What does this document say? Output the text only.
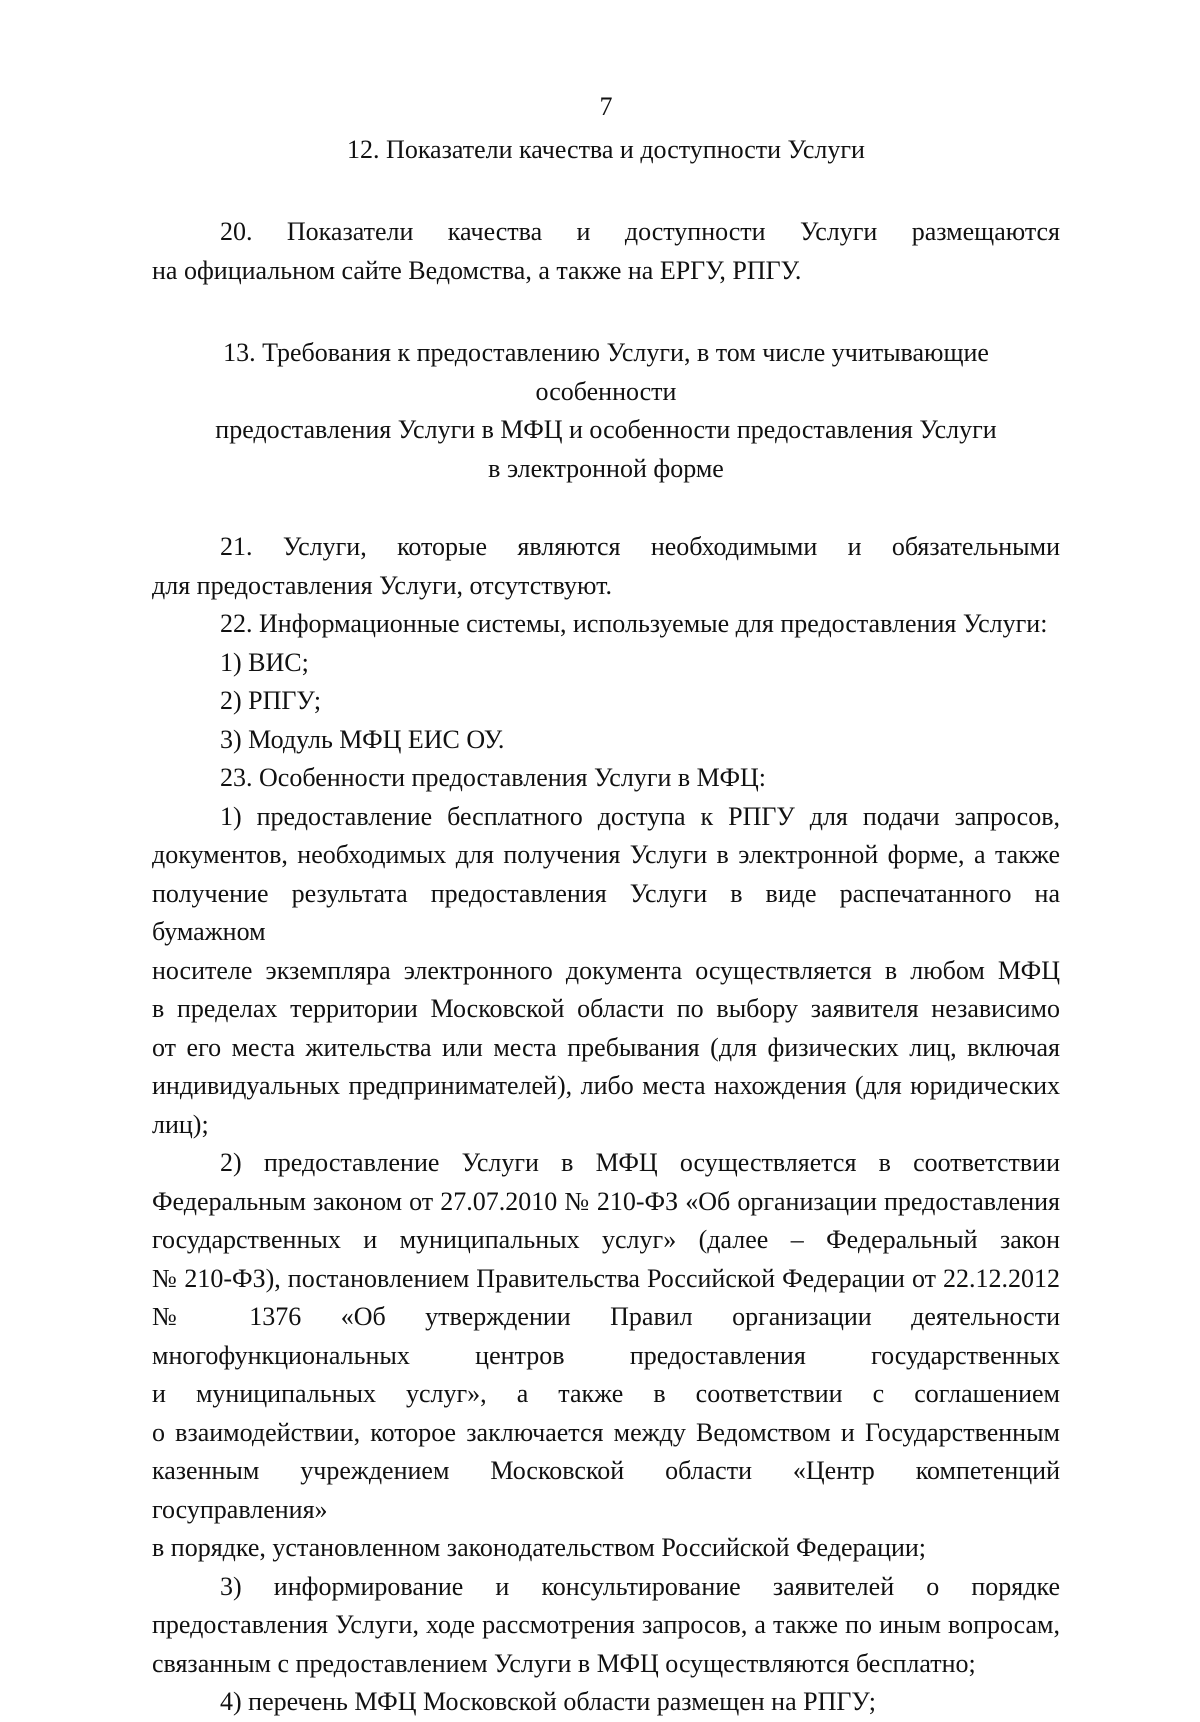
7

12. Показатели качества и доступности Услуги

20. Показатели качества и доступности Услуги размещаются

на официальном сайте Ведомства, а также на ЕРГУ, РПГУ.

13. Требования к предоставлению Услуги, в том числе учитывающие особенности

предоставления Услуги в МФЦ и особенности предоставления Услуги

в электронной форме

21. Услуги, которые являются необходимыми и обязательными

для предоставления Услуги, отсутствуют.

22. Информационные системы, используемые для предоставления Услуги:

1) ВИС;

2) РПГУ;

3) Модуль МФЦ ЕИС ОУ.

23. Особенности предоставления Услуги в МФЦ:

1) предоставление бесплатного доступа к РПГУ для подачи запросов,

документов, необходимых для получения Услуги в электронной форме, а также

получение результата предоставления Услуги в виде распечатанного на бумажном

носителе экземпляра электронного документа осуществляется в любом МФЦ

в пределах территории Московской области по выбору заявителя независимо

от его места жительства или места пребывания (для физических лиц, включая

индивидуальных предпринимателей), либо места нахождения (для юридических

лиц);

2) предоставление Услуги в МФЦ осуществляется в соответствии

Федеральным законом от 27.07.2010 № 210-ФЗ «Об организации предоставления

государственных и муниципальных услуг» (далее – Федеральный закон

№ 210-ФЗ), постановлением Правительства Российской Федерации от 22.12.2012

№ 1376 «Об утверждении Правил организации деятельности

многофункциональных центров предоставления государственных

и муниципальных услуг», а также в соответствии с соглашением

о взаимодействии, которое заключается между Ведомством и Государственным

казенным учреждением Московской области «Центр компетенций госуправления»

в порядке, установленном законодательством Российской Федерации;

3) информирование и консультирование заявителей о порядке

предоставления Услуги, ходе рассмотрения запросов, а также по иным вопросам,

связанным с предоставлением Услуги в МФЦ осуществляются бесплатно;

4) перечень МФЦ Московской области размещен на РПГУ;
